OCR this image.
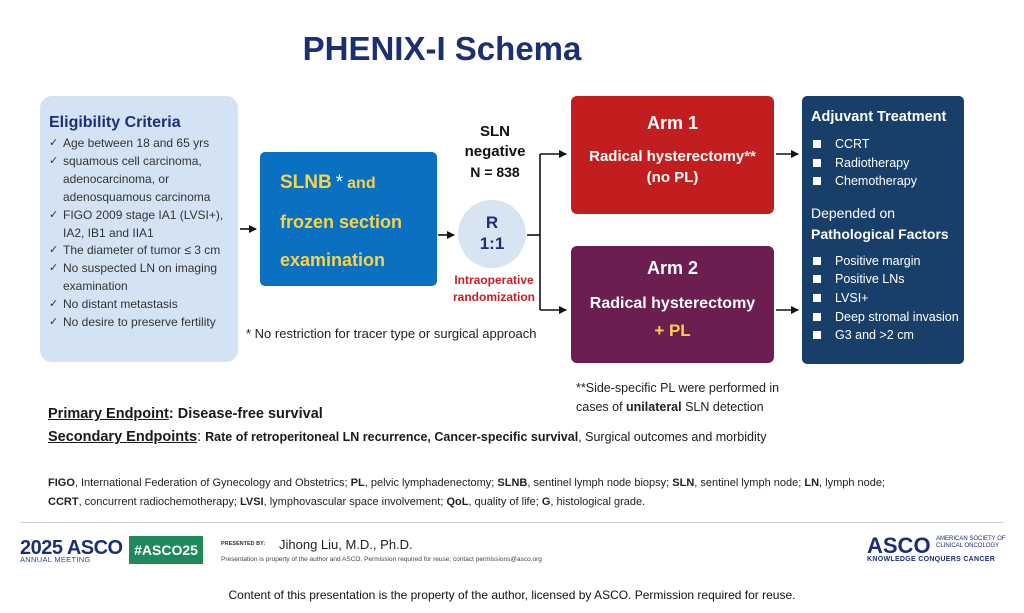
PHENIX-I Schema
Eligibility Criteria
✓ Age between 18 and 65 yrs
✓ squamous cell carcinoma,
adenocarcinoma, or
adenosquamous carcinoma
✓ FIGO 2009 stage IA1 (LVSI+),
IA2, IB1 and IIA1
✓ The diameter of tumor ≤ 3 cm
✓ No suspected LN on imaging
examination
✓ No distant metastasis
✓ No desire to preserve fertility
SLNB * and
frozen section
examination
SLN
negative
N = 838
R
1:1
Intraoperative
randomization
* No restriction for tracer type or surgical approach
Arm 1
Radical hysterectomy**
(no PL)
Arm 2
Radical hysterectomy
+ PL
Adjuvant Treatment
CCRT
Radiotherapy
Chemotherapy
Depended on
Pathological Factors
Positive margin
Positive LNs
LVSI+
Deep stromal invasion
G3 and >2 cm
**Side-specific PL were performed in
cases of unilateral SLN detection
Primary Endpoint: Disease-free survival
Secondary Endpoints: Rate of retroperitoneal LN recurrence, Cancer-specific survival, Surgical outcomes and morbidity
FIGO, International Federation of Gynecology and Obstetrics; PL, pelvic lymphadenectomy; SLNB, sentinel lymph node biopsy; SLN, sentinel lymph node; LN, lymph node;
CCRT, concurrent radiochemotherapy; LVSI, lymphovascular space involvement; QoL, quality of life; G, histological grade.
2025 ASCO
ANNUAL MEETING
#ASCO25	PRESENTED BY: Jihong Liu, M.D., Ph.D.
Presentation is property of the author and ASCO. Permission required for reuse; contact permissions@asco.org
ASCO AMERICAN SOCIETY OF CLINICAL ONCOLOGY
KNOWLEDGE CONQUERS CANCER
Content of this presentation is the property of the author, licensed by ASCO. Permission required for reuse.
